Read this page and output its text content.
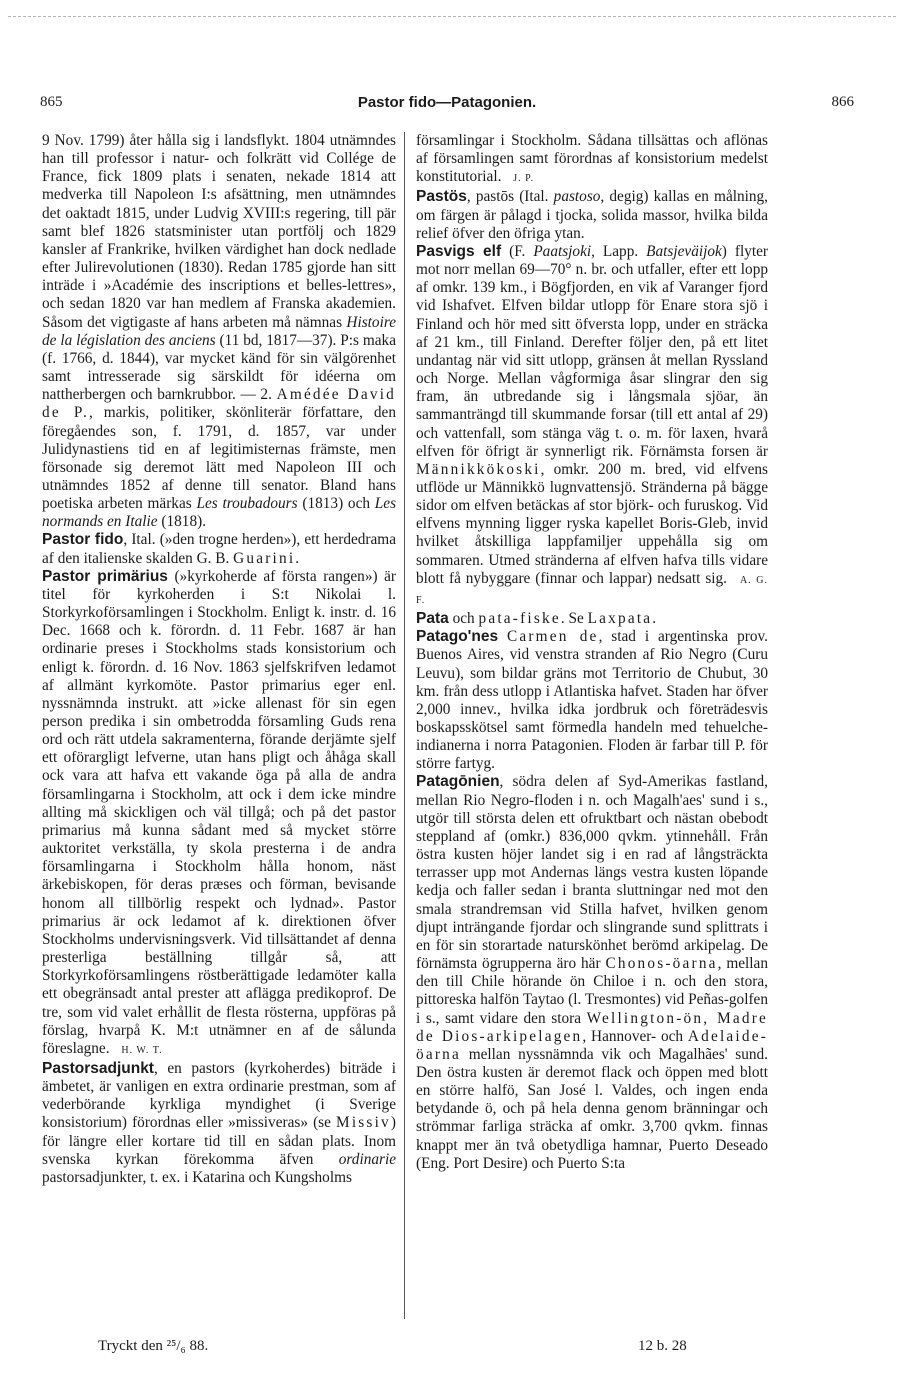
865	Pastor fido—Patagonien.	866

9 Nov. 1799) åter hålla sig i landsflykt. 1804 utnämndes han till professor i natur- och folkrätt vid Collége de France, fick 1809 plats i senaten, nekade 1814 att medverka till Napoleon I:s afsättning, men utnämndes det oaktadt 1815, under Ludvig XVIII:s regering, till pär samt blef 1826 statsminister utan portfölj och 1829 kansler af Frankrike, hvilken värdighet han dock nedlade efter Julirevolutionen (1830). Redan 1785 gjorde han sitt inträde i »Académie des inscriptions et belles-lettres», och sedan 1820 var han medlem af Franska akademien. Såsom det vigtigaste af hans arbeten må nämnas Histoire de la législation des anciens (11 bd, 1817—37). P:s maka (f. 1766, d. 1844), var mycket känd för sin välgörenhet samt intresserade sig särskildt för idéerna om nattherbergen och barnkrubbor. — 2. Amédée David de P., markis, politiker, skönliterär författare, den föregåendes son, f. 1791, d. 1857, var under Julidynastiens tid en af legitimisternas främste, men försonade sig deremot lätt med Napoleon III och utnämndes 1852 af denne till senator. Bland hans poetiska arbeten märkas Les troubadours (1813) och Les normands en Italie (1818).

Pastor fido, Ital. (»den trogne herden»), ett herdedrama af den italienske skalden G. B. Guarini.

Pastor primärius (»kyrkoherde af första rangen») är titel för kyrkoherden i S:t Nikolai l. Storkyrkoförsamlingen i Stockholm. Enligt k. instr. d. 16 Dec. 1668 och k. förordn. d. 11 Febr. 1687 är han ordinarie preses i Stockholms stads konsistorium och enligt k. förordn. d. 16 Nov. 1863 sjelfskrifven ledamot af allmänt kyrkomöte. Pastor primarius eger enl. nyssnämnda instrukt. att »icke allenast för sin egen person predika i sin ombetrodda församling Guds rena ord och rätt utdela sakramenterna, förande derjämte sjelf ett oförargligt lefverne, utan hans pligt och åhåga skall ock vara att hafva ett vakande öga på alla de andra församlingarna i Stockholm, att ock i dem icke mindre allting må skickligen och väl tillgå; och på det pastor primarius må kunna sådant med så mycket större auktoritet verkställa, ty skola presterna i de andra församlingarna i Stockholm hålla honom, näst ärkebiskopen, för deras præses och förman, bevisande honom all tillbörlig respekt och lydnad». Pastor primarius är ock ledamot af k. direktionen öfver Stockholms undervisningsverk. Vid tillsättandet af denna presterliga beställning tillgår så, att Storkyrkoförsamlingens röstberättigade ledamöter kalla ett obegränsadt antal prester att aflägga predikoprof. De tre, som vid valet erhållit de flesta rösterna, uppföras på förslag, hvarpå K. M:t utnämner en af de sålunda föreslagne. H. W. T.

Pastorsadjunkt, en pastors (kyrkoherdes) biträde i ämbetet, är vanligen en extra ordinarie prestman, som af vederbörande kyrkliga myndighet (i Sverige konsistorium) förordnas eller »missiveras» (se Missiv) för längre eller kortare tid till en sådan plats. Inom svenska kyrkan förekomma äfven ordinarie pastorsadjunkter, t. ex. i Katarina och Kungsholms

församlingar i Stockholm. Sådana tillsättas och aflönas af församlingen samt förordnas af konsistorium medelst konstitutorial. J. P.

Pastös, pastōs (Ital. pastoso, degig) kallas en målning, om färgen är pålagd i tjocka, solida massor, hvilka bilda relief öfver den öfriga ytan.

Pasvigs elf (F. Paatsjoki, Lapp. Batsjeväijok) flyter mot norr mellan 69—70° n. br. och utfaller, efter ett lopp af omkr. 139 km., i Bögfjorden, en vik af Varanger fjord vid Ishafvet. Elfven bildar utlopp för Enare stora sjö i Finland och hör med sitt öfversta lopp, under en sträcka af 21 km., till Finland. Derefter följer den, på ett litet undantag när vid sitt utlopp, gränsen åt mellan Ryssland och Norge. Mellan vågformiga åsar slingrar den sig fram, än utbredande sig i långsmala sjöar, än sammanträngd till skummande forsar (till ett antal af 29) och vattenfall, som stänga väg t. o. m. för laxen, hvarå elfven för öfrigt är synnerligt rik. Förnämsta forsen är Männikkökoski, omkr. 200 m. bred, vid elfvens utflöde ur Männikkö lugnvattensjö. Stränderna på bägge sidor om elfven betäckas af stor björk- och furuskog. Vid elfvens mynning ligger ryska kapellet Boris-Gleb, invid hvilket åtskilliga lappfamiljer uppehålla sig om sommaren. Utmed stränderna af elfven hafva tills vidare blott få nybyggare (finnar och lappar) nedsatt sig. A. G. F.

Pata och pata-fiske. Se Laxpata.

Patago'nes Carmen de, stad i argentinska prov. Buenos Aires, vid venstra stranden af Rio Negro (Curu Leuvu), som bildar gräns mot Territorio de Chubut, 30 km. från dess utlopp i Atlantiska hafvet. Staden har öfver 2,000 innev., hvilka idka jordbruk och företrädesvis boskapsskötsel samt förmedla handeln med tehuelche-indianerna i norra Patagonien. Floden är farbar till P. för större fartyg.

Patagōnien, södra delen af Syd-Amerikas fastland, mellan Rio Negro-floden i n. och Magalh'aes' sund i s., utgör till största delen ett ofruktbart och nästan obebodt steppland af (omkr.) 836,000 qvkm. ytinnehåll. Från östra kusten höjer landet sig i en rad af långsträckta terrasser upp mot Andernas längs vestra kusten löpande kedja och faller sedan i branta sluttningar ned mot den smala strandremsan vid Stilla hafvet, hvilken genom djupt inträngande fjordar och slingrande sund splittrats i en för sin storartade naturskönhet berömd arkipelag. De förnämsta ögrupperna äro här Chonos-öarna, mellan den till Chile hörande ön Chiloe i n. och den stora, pittoreska halfön Taytao (l. Tresmontes) vid Peñas-golfen i s., samt vidare den stora Wellington-ön, Madre de Dios-arkipelagen, Hannover- och Adelaide-öarna mellan nyssnämnda vik och Magalhães' sund. Den östra kusten är deremot flack och öppen med blott en större halfö, San José l. Valdes, och ingen enda betydande ö, och på hela denna genom bränningar och strömmar farliga sträcka af omkr. 3,700 qvkm. finnas knappt mer än två obetydliga hamnar, Puerto Deseado (Eng. Port Desire) och Puerto S:ta

Tryckt den ²⁵/₆ 88.	12 b. 28
